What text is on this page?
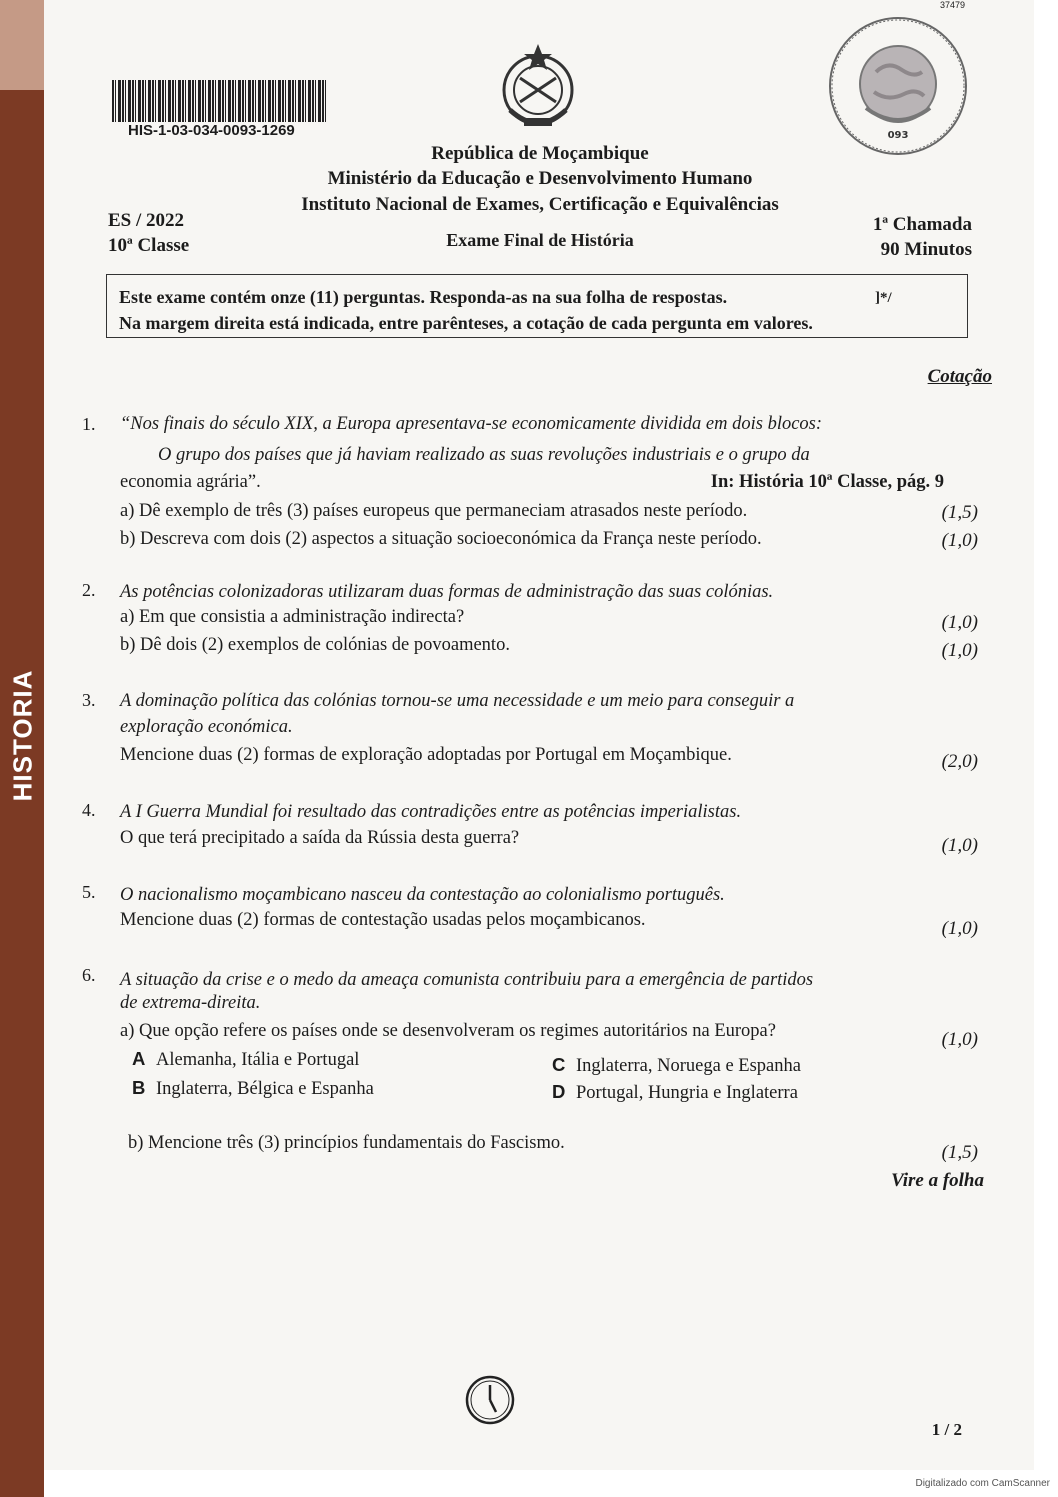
HISTORIA
HIS-1-03-034-0093-1269
37479
093
República de Moçambique
Ministério da Educação e Desenvolvimento Humano
Instituto Nacional de Exames, Certificação e Equivalências
Exame Final de História
ES / 2022
10ª Classe
1ª Chamada
90 Minutos
Este exame contém onze (11) perguntas. Responda-as na sua folha de respostas.
Na margem direita está indicada, entre parênteses, a cotação de cada pergunta em valores.
]*/
Cotação
1. “Nos finais do século XIX, a Europa apresentava-se economicamente dividida em dois blocos:
O grupo dos países que já haviam realizado as suas revoluções industriais e o grupo da
economia agrária”.	In: História 10ª Classe, pág. 9
a) Dê exemplo de três (3) países europeus que permaneciam atrasados neste período.	(1,5)
b) Descreva com dois (2) aspectos a situação socioeconómica da França neste período.	(1,0)
2. As potências colonizadoras utilizaram duas formas de administração das suas colónias.
a) Em que consistia a administração indirecta?	(1,0)
b) Dê dois (2) exemplos de colónias de povoamento.	(1,0)
3. A dominação política das colónias tornou-se uma necessidade e um meio para conseguir a
exploração económica.
Mencione duas (2) formas de exploração adoptadas por Portugal em Moçambique.	(2,0)
4. A I Guerra Mundial foi resultado das contradições entre as potências imperialistas.
O que terá precipitado a saída da Rússia desta guerra?	(1,0)
5. O nacionalismo moçambicano nasceu da contestação ao colonialismo português.
Mencione duas (2) formas de contestação usadas pelos moçambicanos.	(1,0)
6. A situação da crise e o medo da ameaça comunista contribuiu para a emergência de partidos
de extrema-direita.
a) Que opção refere os países onde se desenvolveram os regimes autoritários na Europa?	(1,0)
A Alemanha, Itália e Portugal
B Inglaterra, Bélgica e Espanha
C Inglaterra, Noruega e Espanha
D Portugal, Hungria e Inglaterra
b) Mencione três (3) princípios fundamentais do Fascismo.	(1,5)
Vire a folha
1 / 2
Digitalizado com CamScanner
